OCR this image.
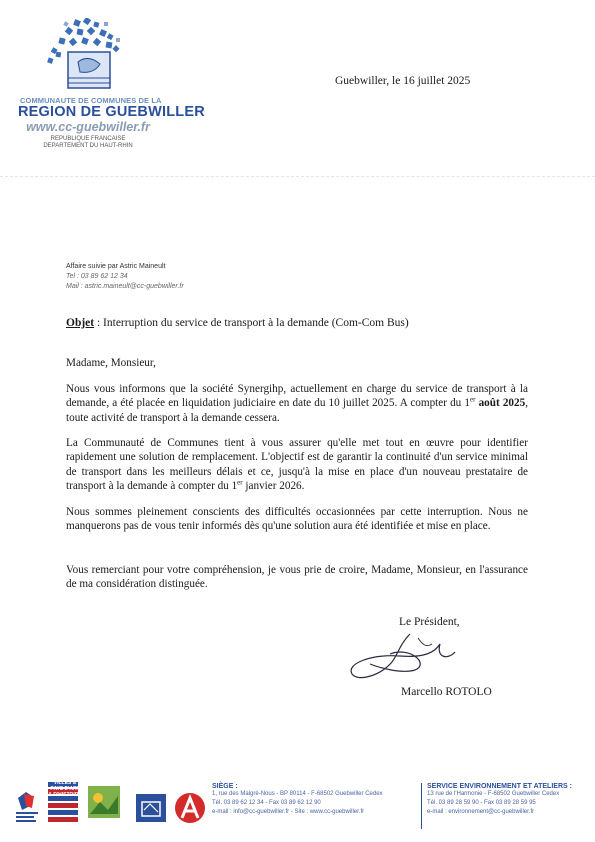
COMMUNAUTE DE COMMUNES DE LA
REGION DE GUEBWILLER
www.cc-guebwiller.fr
REPUBLIQUE FRANCAISE
DEPARTEMENT DU HAUT-RHIN
Guebwiller, le 16 juillet 2025
Affaire suivie par Astric Maineult
Tel : 03 89 62 12 34
Mail : astric.maineult@cc-guebwiller.fr
Objet : Interruption du service de transport à la demande (Com-Com Bus)
Madame, Monsieur,
Nous vous informons que la société Synergihp, actuellement en charge du service de transport à la demande, a été placée en liquidation judiciaire en date du 10 juillet 2025. A compter du 1er août 2025, toute activité de transport à la demande cessera.
La Communauté de Communes tient à vous assurer qu'elle met tout en œuvre pour identifier rapidement une solution de remplacement. L'objectif est de garantir la continuité d'un service minimal de transport dans les meilleurs délais et ce, jusqu'à la mise en place d'un nouveau prestataire de transport à la demande à compter du 1er janvier 2026.
Nous sommes pleinement conscients des difficultés occasionnées par cette interruption. Nous ne manquerons pas de vous tenir informés dès qu'une solution aura été identifiée et mise en place.
Vous remerciant pour votre compréhension, je vous prie de croire, Madame, Monsieur, en l'assurance de ma considération distinguée.
Le Président,
Marcello ROTOLO
VILLES & PAYS D'ART & D'HISTOIRE
SIÈGE :
1, rue des Malgré-Nous - BP 80114 - F-68502 Guebwiller Cedex
Tél. 03 89 62 12 34 - Fax 03 89 62 12 90
e-mail : info@cc-guebwiller.fr - Site : www.cc-guebwiller.fr
SERVICE ENVIRONNEMENT ET ATELIERS :
13 rue de l'Harmonie - F-68502 Guebwiller Cedex
Tél. 03 89 28 59 90 - Fax 03 89 28 59 95
e-mail : environnement@cc-guebwiller.fr
